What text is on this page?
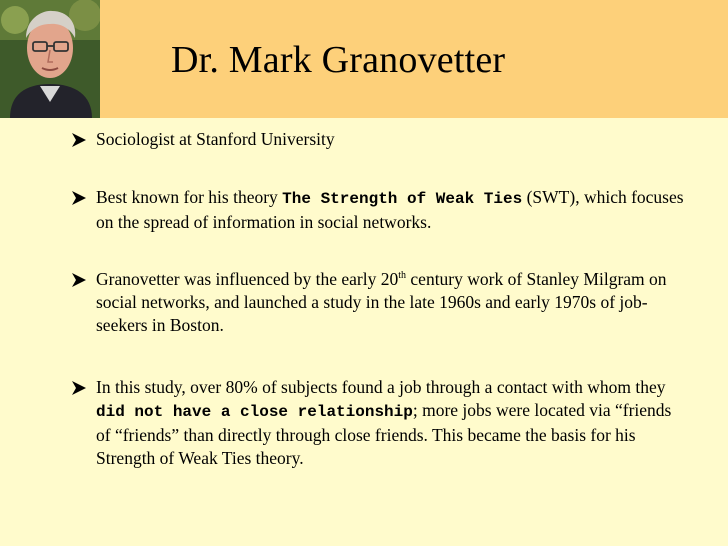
Dr. Mark Granovetter
Sociologist at Stanford University
Best known for his theory The Strength of Weak Ties (SWT), which focuses on the spread of information in social networks.
Granovetter was influenced by the early 20th century work of Stanley Milgram on social networks, and launched a study in the late 1960s and early 1970s of job-seekers in Boston.
In this study, over 80% of subjects found a job through a contact with whom they did not have a close relationship; more jobs were located via “friends of “friends” than directly through close friends. This became the basis for his Strength of Weak Ties theory.
